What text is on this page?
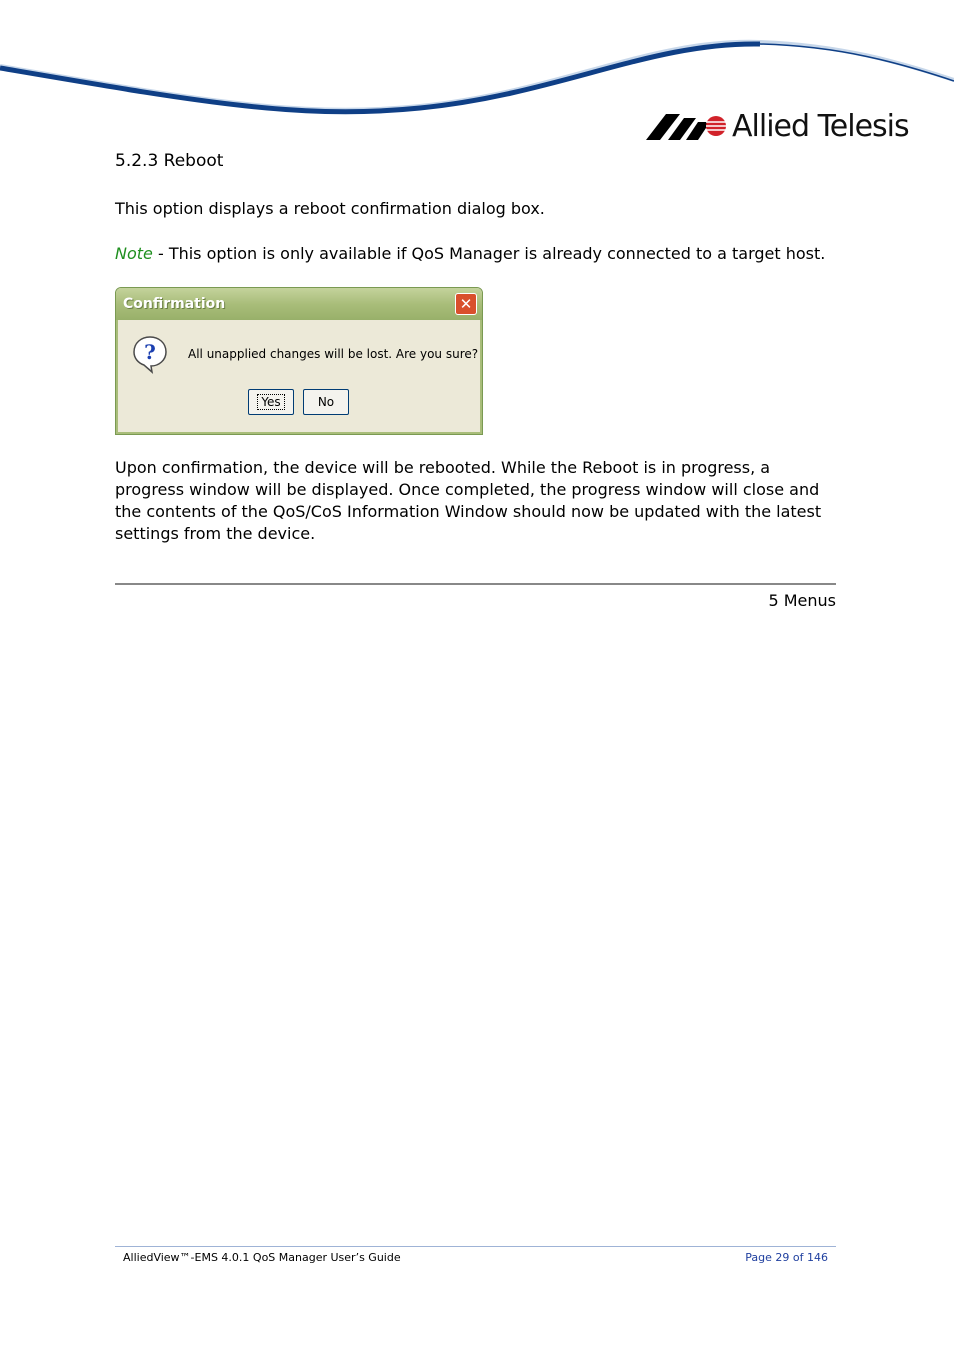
Allied Telesis
5.2.3 Reboot
This option displays a reboot confirmation dialog box.
Note - This option is only available if QoS Manager is already connected to a target host.
Confirmation	✕
?	All unapplied changes will be lost. Are you sure?
Yes	No
Upon confirmation, the device will be rebooted. While the Reboot is in progress, a progress window will be displayed. Once completed, the progress window will close and the contents of the QoS/CoS Information Window should now be updated with the latest settings from the device.
5 Menus
AlliedView™-EMS 4.0.1 QoS Manager User’s Guide	Page 29 of 146
